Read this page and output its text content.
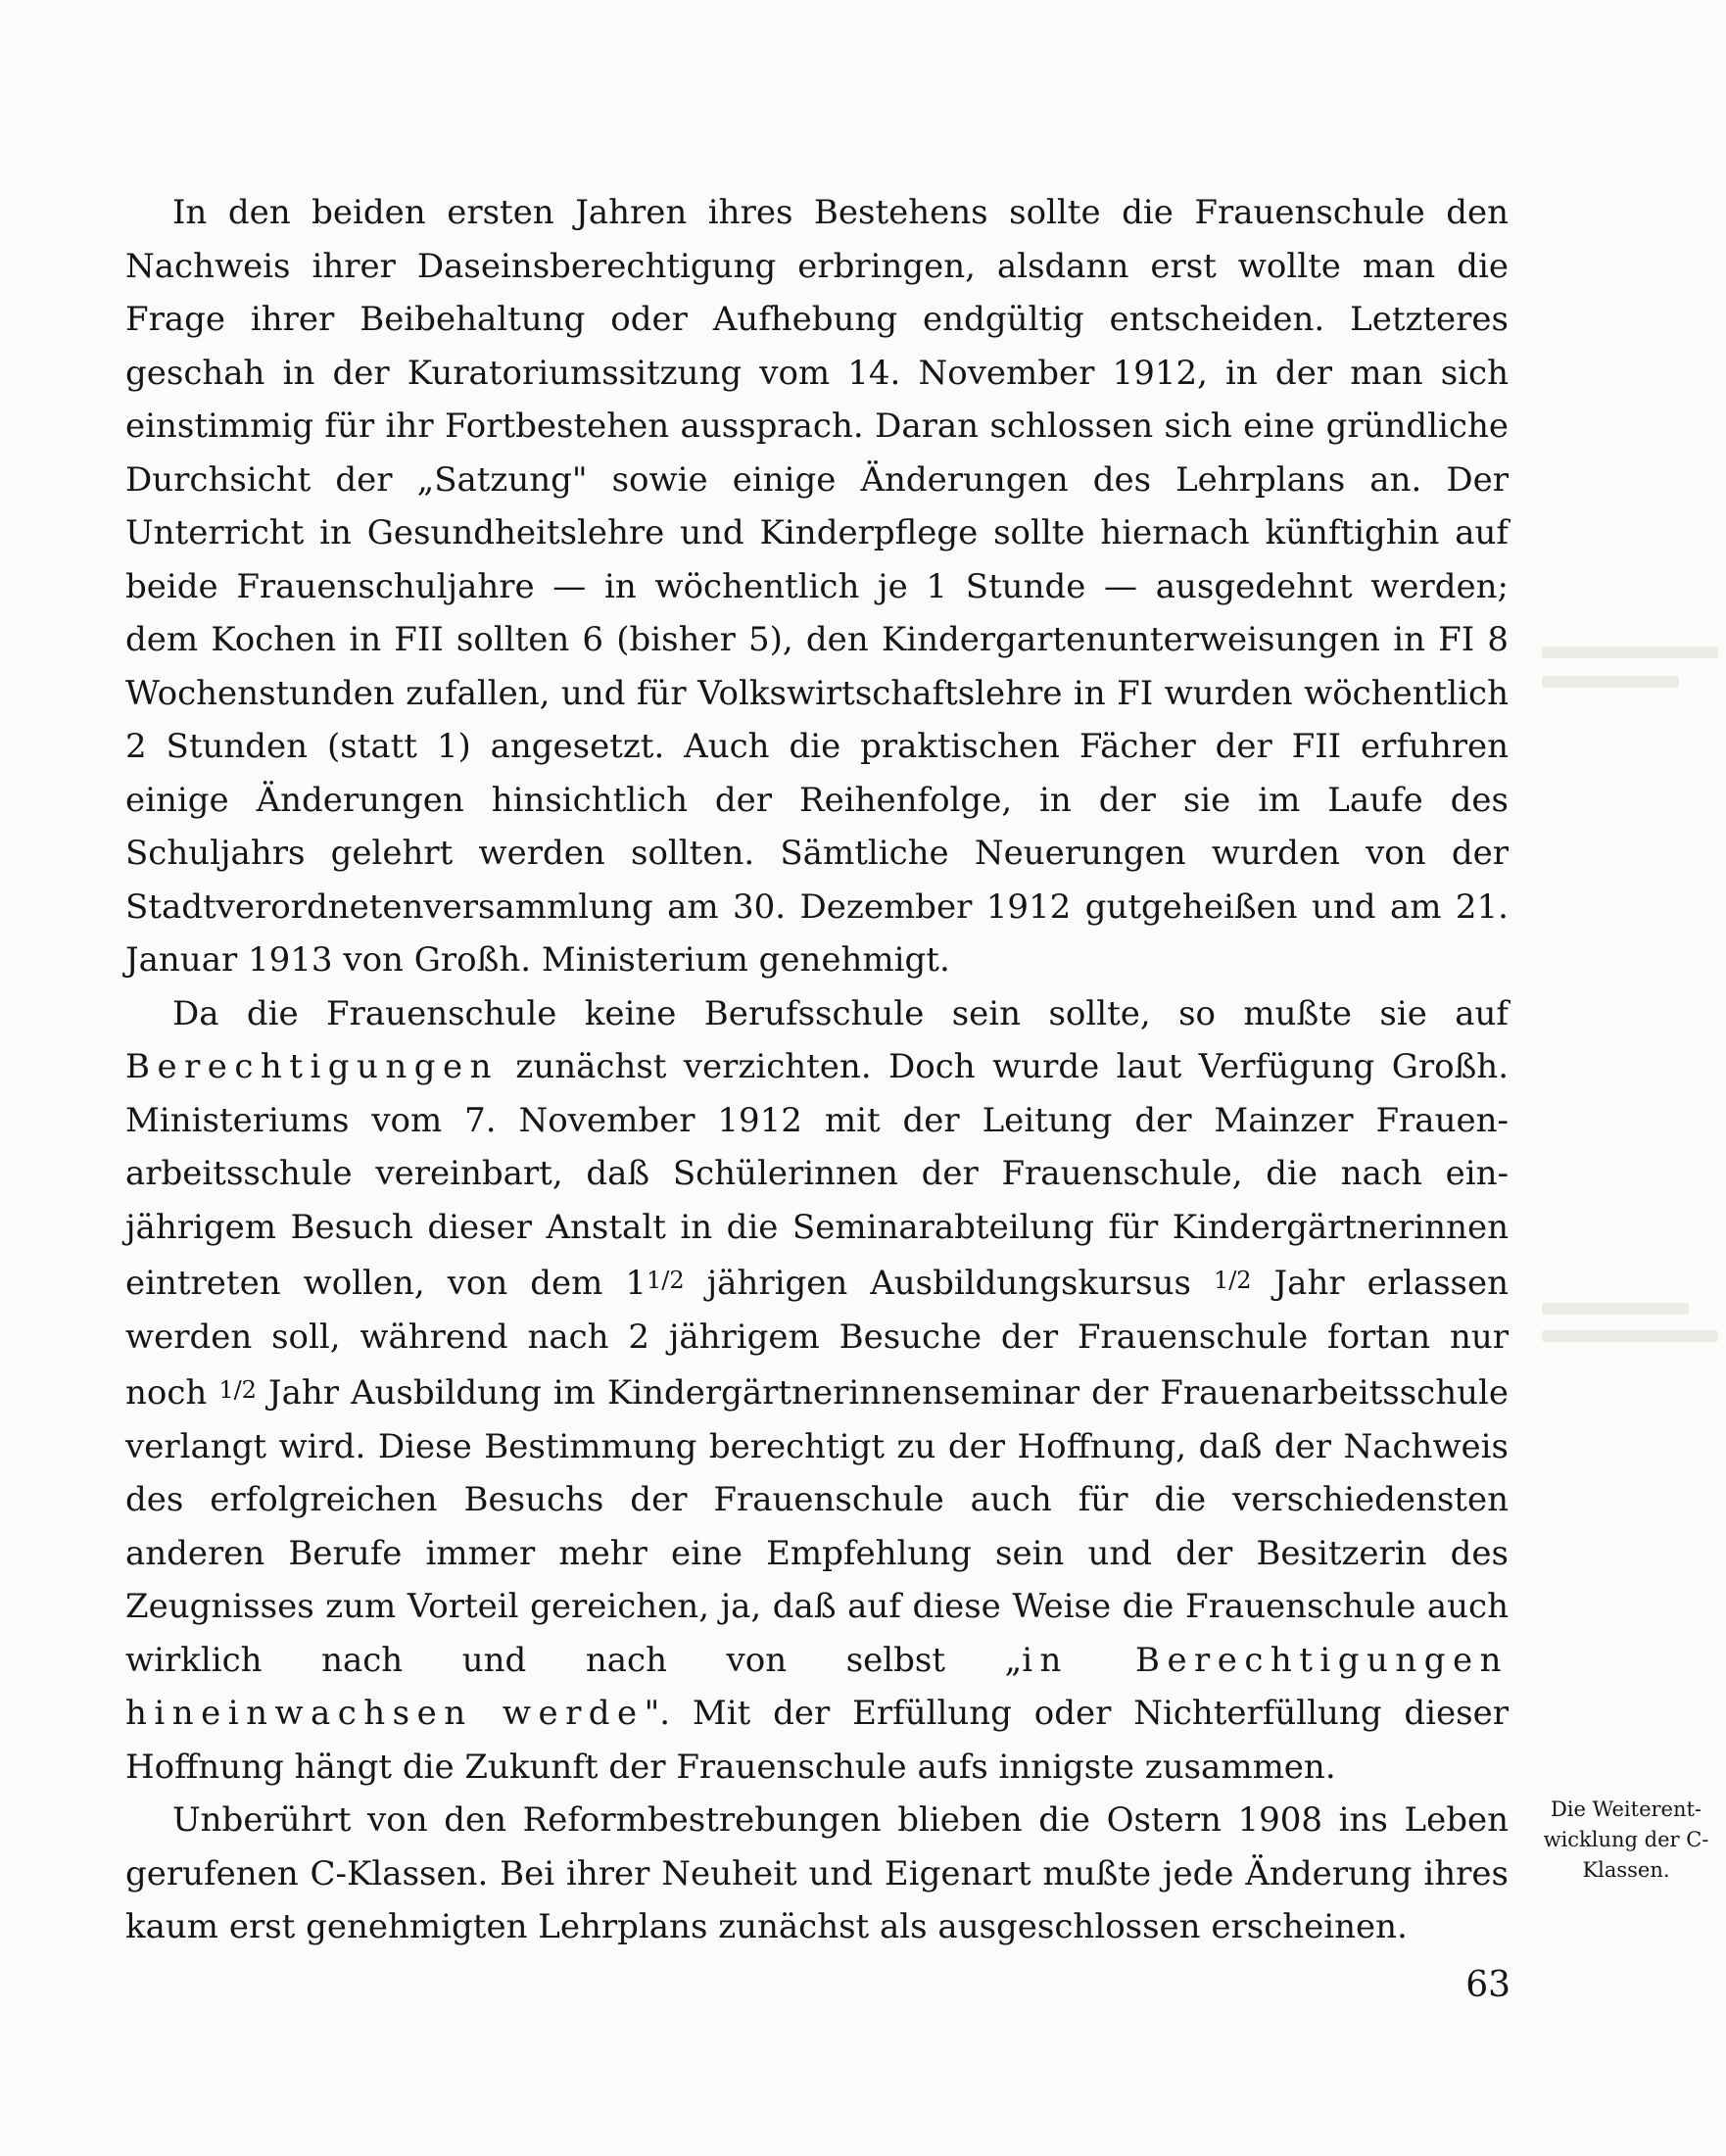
In den beiden ersten Jahren ihres Bestehens sollte die Frauenschule den Nachweis ihrer Daseinsberechtigung erbringen, alsdann erst wollte man die Frage ihrer Beibehaltung oder Aufhebung endgültig entscheiden. Letzteres geschah in der Kuratoriumssitzung vom 14. November 1912, in der man sich einstimmig für ihr Fortbestehen aussprach. Daran schlossen sich eine gründliche Durchsicht der „Satzung" sowie einige Änderungen des Lehrplans an. Der Unterricht in Gesundheitslehre und Kinderpflege sollte hiernach künftighin auf beide Frauenschuljahre — in wöchentlich je 1 Stunde — ausgedehnt werden; dem Kochen in FII sollten 6 (bisher 5), den Kindergartenunterweisungen in FI 8 Wochenstunden zufallen, und für Volkswirtschaftslehre in FI wurden wöchentlich 2 Stunden (statt 1) angesetzt. Auch die praktischen Fächer der FII erfuhren einige Änderungen hinsichtlich der Reihenfolge, in der sie im Laufe des Schuljahrs gelehrt werden sollten. Sämtliche Neuerungen wurden von der Stadtverordnetenversammlung am 30. Dezember 1912 gutgeheißen und am 21. Januar 1913 von Großh. Ministerium genehmigt.

Da die Frauenschule keine Berufsschule sein sollte, so mußte sie auf Berechtigungen zunächst verzichten. Doch wurde laut Verfügung Großh. Ministeriums vom 7. November 1912 mit der Leitung der Mainzer Frauenarbeitsschule vereinbart, daß Schülerinnen der Frauenschule, die nach einjährigem Besuch dieser Anstalt in die Seminarabteilung für Kindergärtnerinnen eintreten wollen, von dem 11/2 jährigen Ausbildungskursus 1/2 Jahr erlassen werden soll, während nach 2 jährigem Besuche der Frauenschule fortan nur noch 1/2 Jahr Ausbildung im Kindergärtnerinnenseminar der Frauenarbeitsschule verlangt wird. Diese Bestimmung berechtigt zu der Hoffnung, daß der Nachweis des erfolgreichen Besuchs der Frauenschule auch für die verschiedensten anderen Berufe immer mehr eine Empfehlung sein und der Besitzerin des Zeugnisses zum Vorteil gereichen, ja, daß auf diese Weise die Frauenschule auch wirklich nach und nach von selbst „in Berechtigungen hineinwachsen werde". Mit der Erfüllung oder Nichterfüllung dieser Hoffnung hängt die Zukunft der Frauenschule aufs innigste zusammen.

Unberührt von den Reformbestrebungen blieben die Ostern 1908 ins Leben gerufenen C-Klassen. Bei ihrer Neuheit und Eigenart mußte jede Änderung ihres kaum erst genehmigten Lehrplans zunächst als ausgeschlossen erscheinen.

Die Weiterent-
wicklung der C-
Klassen.
63
